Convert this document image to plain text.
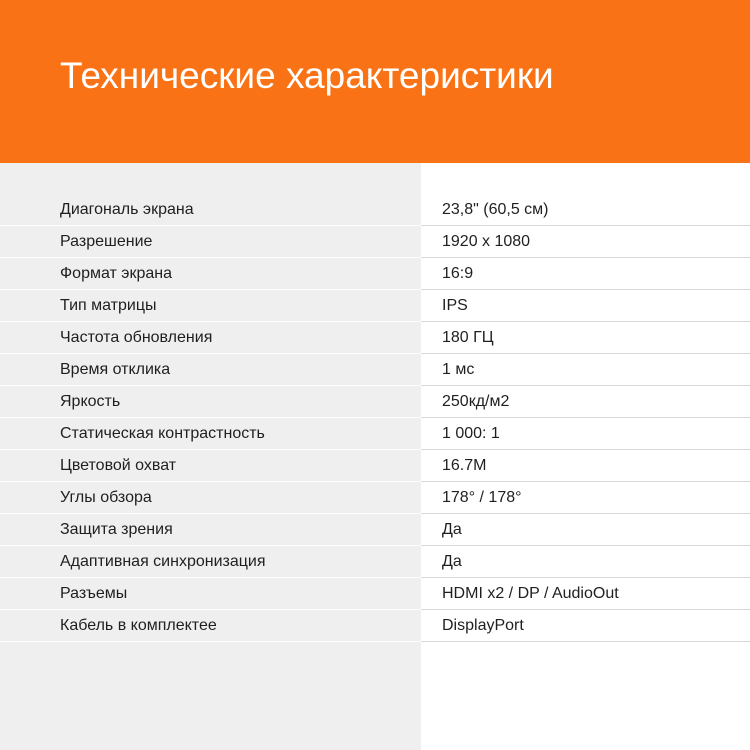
Технические характеристики
Диагональ экрана	23,8" (60,5 см)
Разрешение	1920 x 1080
Формат экрана	16:9
Тип матрицы	IPS
Частота обновления	180 ГЦ
Время отклика	1 мс
Яркость	250кд/м2
Статическая контрастность	1 000: 1
Цветовой охват	16.7M
Углы обзора	178° / 178°
Защита зрения	Да
Адаптивная синхронизация	Да
Разъемы	HDMI x2 / DP / AudioOut
Кабель в комплектее	DisplayPort
